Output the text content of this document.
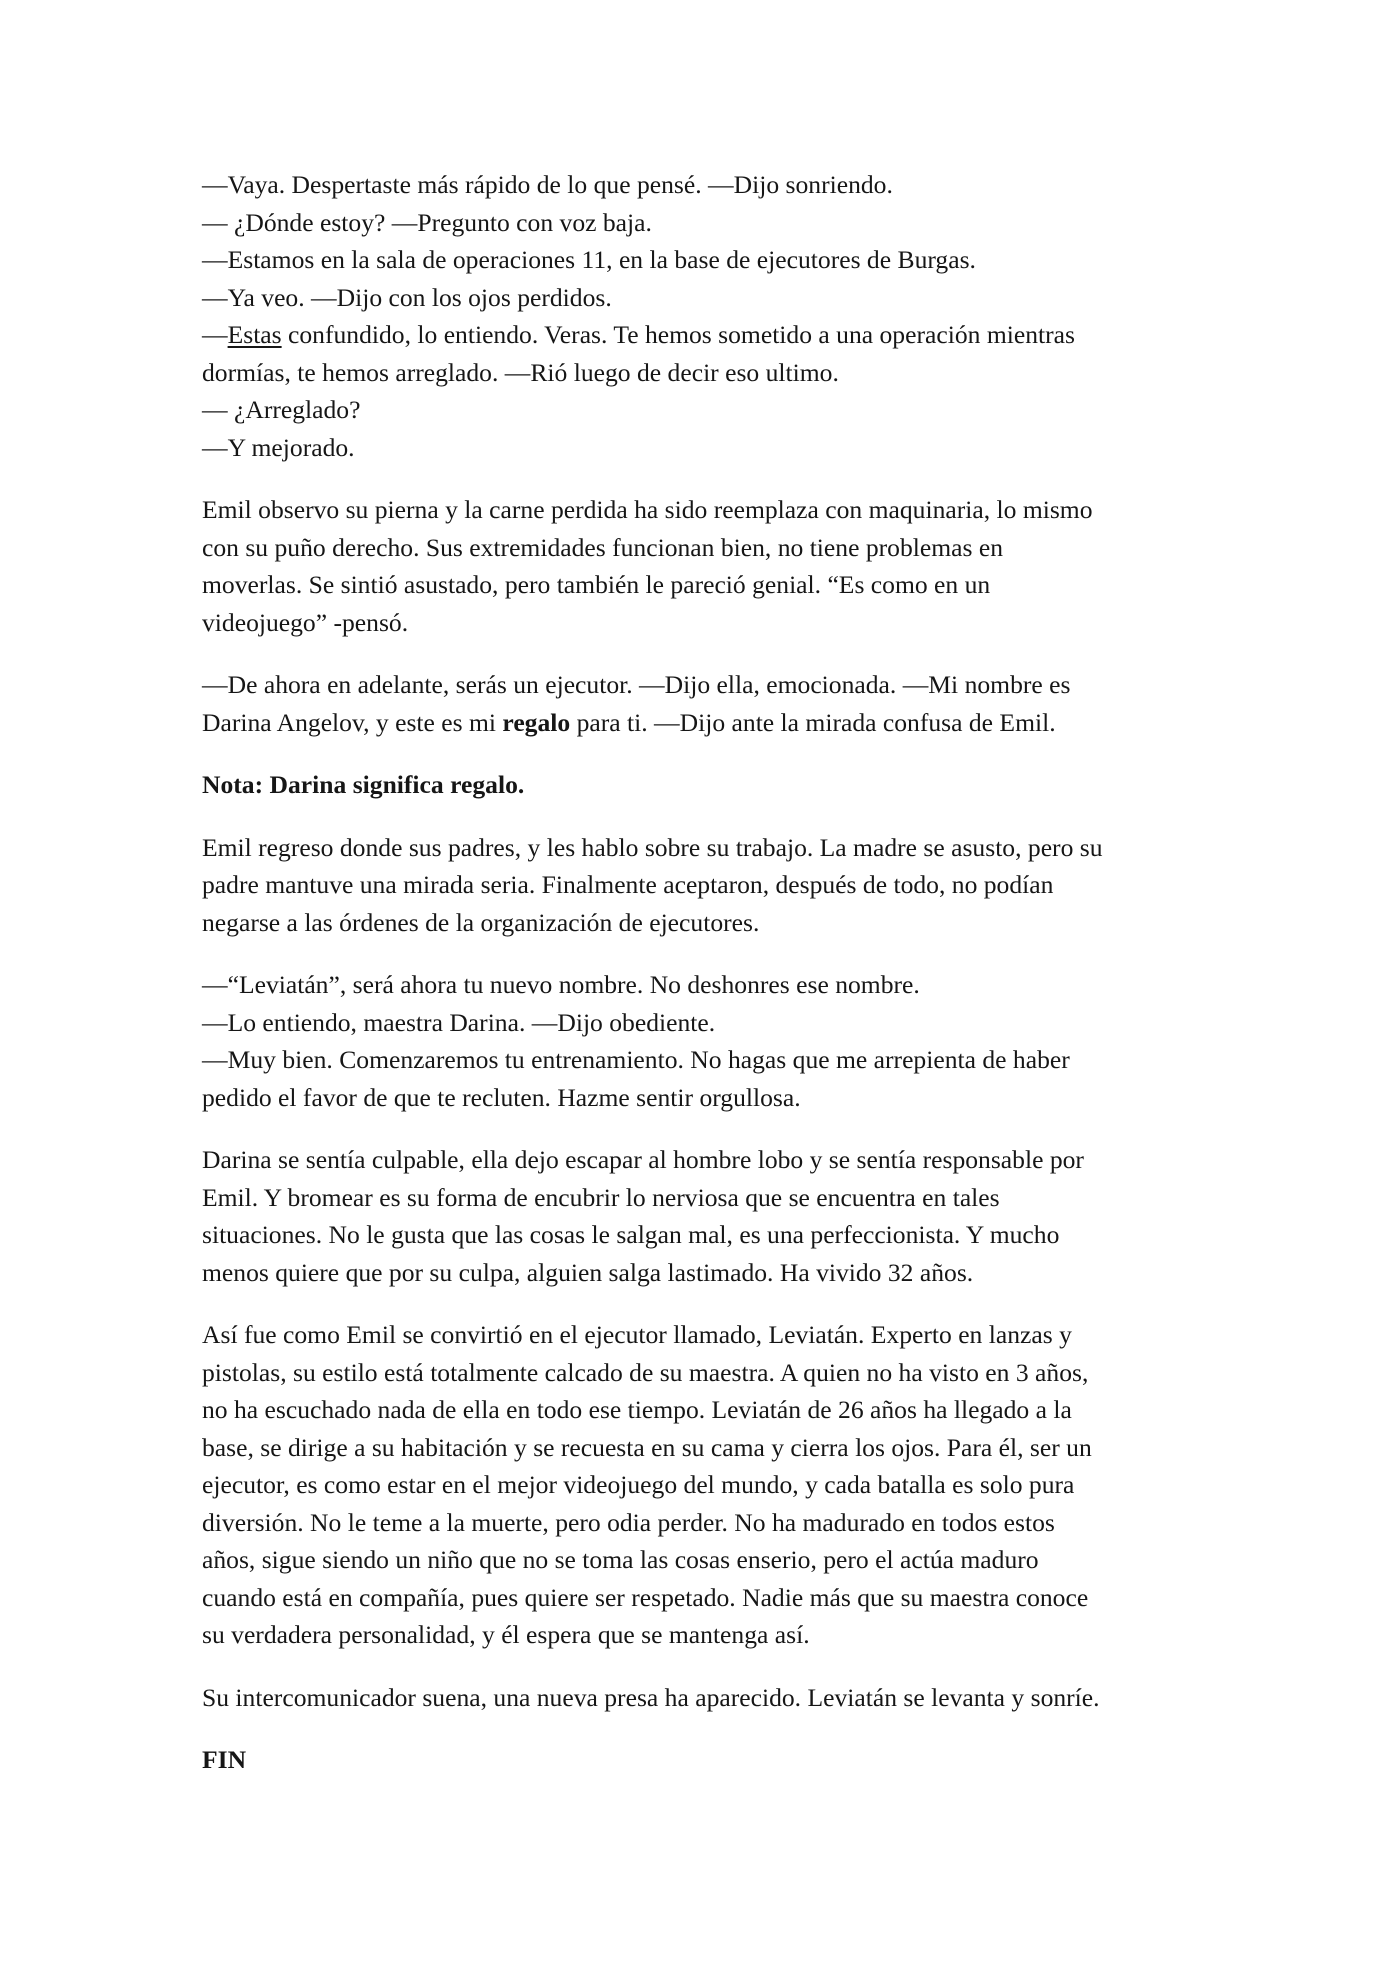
—Vaya. Despertaste más rápido de lo que pensé. —Dijo sonriendo.
— ¿Dónde estoy? —Pregunto con voz baja.
—Estamos en la sala de operaciones 11, en la base de ejecutores de Burgas.
—Ya veo. —Dijo con los ojos perdidos.
—Estas confundido, lo entiendo. Veras. Te hemos sometido a una operación mientras
dormías, te hemos arreglado. —Rió luego de decir eso ultimo.
— ¿Arreglado?
—Y mejorado.
Emil observo su pierna y la carne perdida ha sido reemplaza con maquinaria, lo mismo
con su puño derecho. Sus extremidades funcionan bien, no tiene problemas en
moverlas. Se sintió asustado, pero también le pareció genial. “Es como en un
videojuego” -pensó.
—De ahora en adelante, serás un ejecutor. —Dijo ella, emocionada. —Mi nombre es
Darina Angelov, y este es mi regalo para ti. —Dijo ante la mirada confusa de Emil.
Nota: Darina significa regalo.
Emil regreso donde sus padres, y les hablo sobre su trabajo. La madre se asusto, pero su
padre mantuve una mirada seria. Finalmente aceptaron, después de todo, no podían
negarse a las órdenes de la organización de ejecutores.
—“Leviatán”, será ahora tu nuevo nombre. No deshonres ese nombre.
—Lo entiendo, maestra Darina. —Dijo obediente.
—Muy bien. Comenzaremos tu entrenamiento. No hagas que me arrepienta de haber
pedido el favor de que te recluten. Hazme sentir orgullosa.
Darina se sentía culpable, ella dejo escapar al hombre lobo y se sentía responsable por
Emil. Y bromear es su forma de encubrir lo nerviosa que se encuentra en tales
situaciones. No le gusta que las cosas le salgan mal, es una perfeccionista. Y mucho
menos quiere que por su culpa, alguien salga lastimado. Ha vivido 32 años.
Así fue como Emil se convirtió en el ejecutor llamado, Leviatán. Experto en lanzas y
pistolas, su estilo está totalmente calcado de su maestra. A quien no ha visto en 3 años,
no ha escuchado nada de ella en todo ese tiempo. Leviatán de 26 años ha llegado a la
base, se dirige a su habitación y se recuesta en su cama y cierra los ojos. Para él, ser un
ejecutor, es como estar en el mejor videojuego del mundo, y cada batalla es solo pura
diversión. No le teme a la muerte, pero odia perder. No ha madurado en todos estos
años, sigue siendo un niño que no se toma las cosas enserio, pero el actúa maduro
cuando está en compañía, pues quiere ser respetado. Nadie más que su maestra conoce
su verdadera personalidad, y él espera que se mantenga así.
Su intercomunicador suena, una nueva presa ha aparecido. Leviatán se levanta y sonríe.
FIN
